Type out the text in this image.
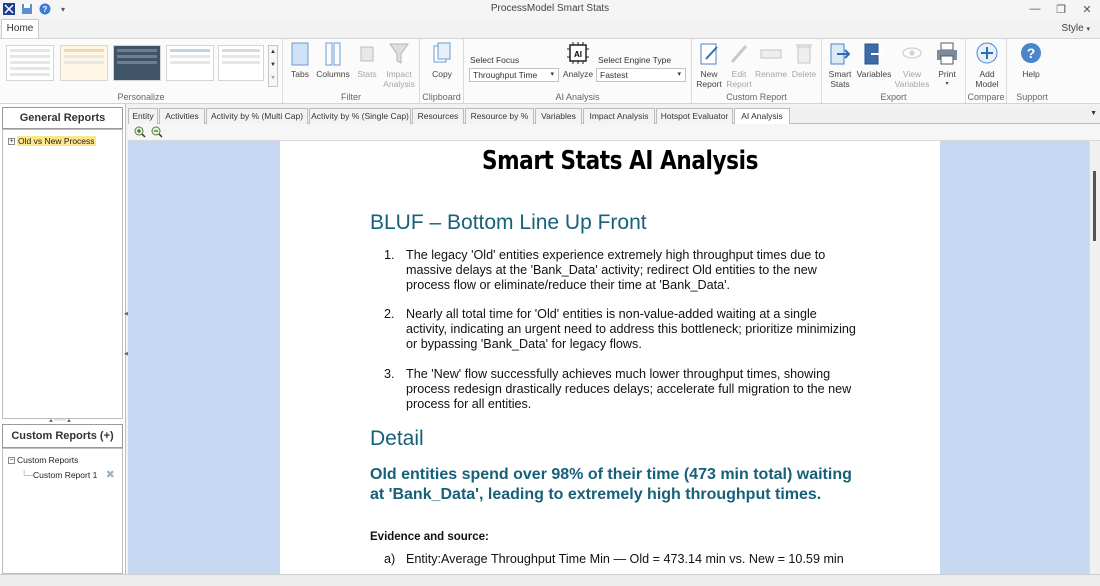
?	▾	ProcessModel Smart Stats	—	❐	✕
Home	Style ▾
▲
▼
▿
Personalize
Tabs Columns Stats	Impact Analysis
Filter
Copy
Clipboard
Select Focus
Throughput Time ▾
AI
Analyze
Select Engine Type
Fastest	▾
AI Analysis
New Report
Edit Report
Rename Delete
Custom Report
Smart Stats
Variables	View Variables
Print
▾
Export
Add Model
Compare
?
Help
Support
General Reports
+ Old vs New Process
▲⋯⋯▲
Custom Reports (+)
− Custom Reports
└─Custom Report 1 ✖
◀

◀
Entity	Activities	Activity by % (Multi Cap) Activity by % (Single Cap)	Resources	Resource by %	Variables	Impact Analysis	Hotspot Evaluator	AI Analysis	▼
Smart Stats AI Analysis
BLUF – Bottom Line Up Front
1. The legacy 'Old' entities experience extremely high throughput times due to massive delays at the 'Bank_Data' activity; redirect Old entities to the new process flow or eliminate/reduce their time at 'Bank_Data'.
2. Nearly all total time for 'Old' entities is non-value-added waiting at a single activity, indicating an urgent need to address this bottleneck; prioritize minimizing or bypassing 'Bank_Data' for legacy flows.
3. The 'New' flow successfully achieves much lower throughput times, showing process redesign drastically reduces delays; accelerate full migration to the new process for all entities.
Detail
Old entities spend over 98% of their time (473 min total) waiting at 'Bank_Data', leading to extremely high throughput times.
Evidence and source:
a) Entity:Average Throughput Time Min — Old = 473.14 min vs. New = 10.59 min
